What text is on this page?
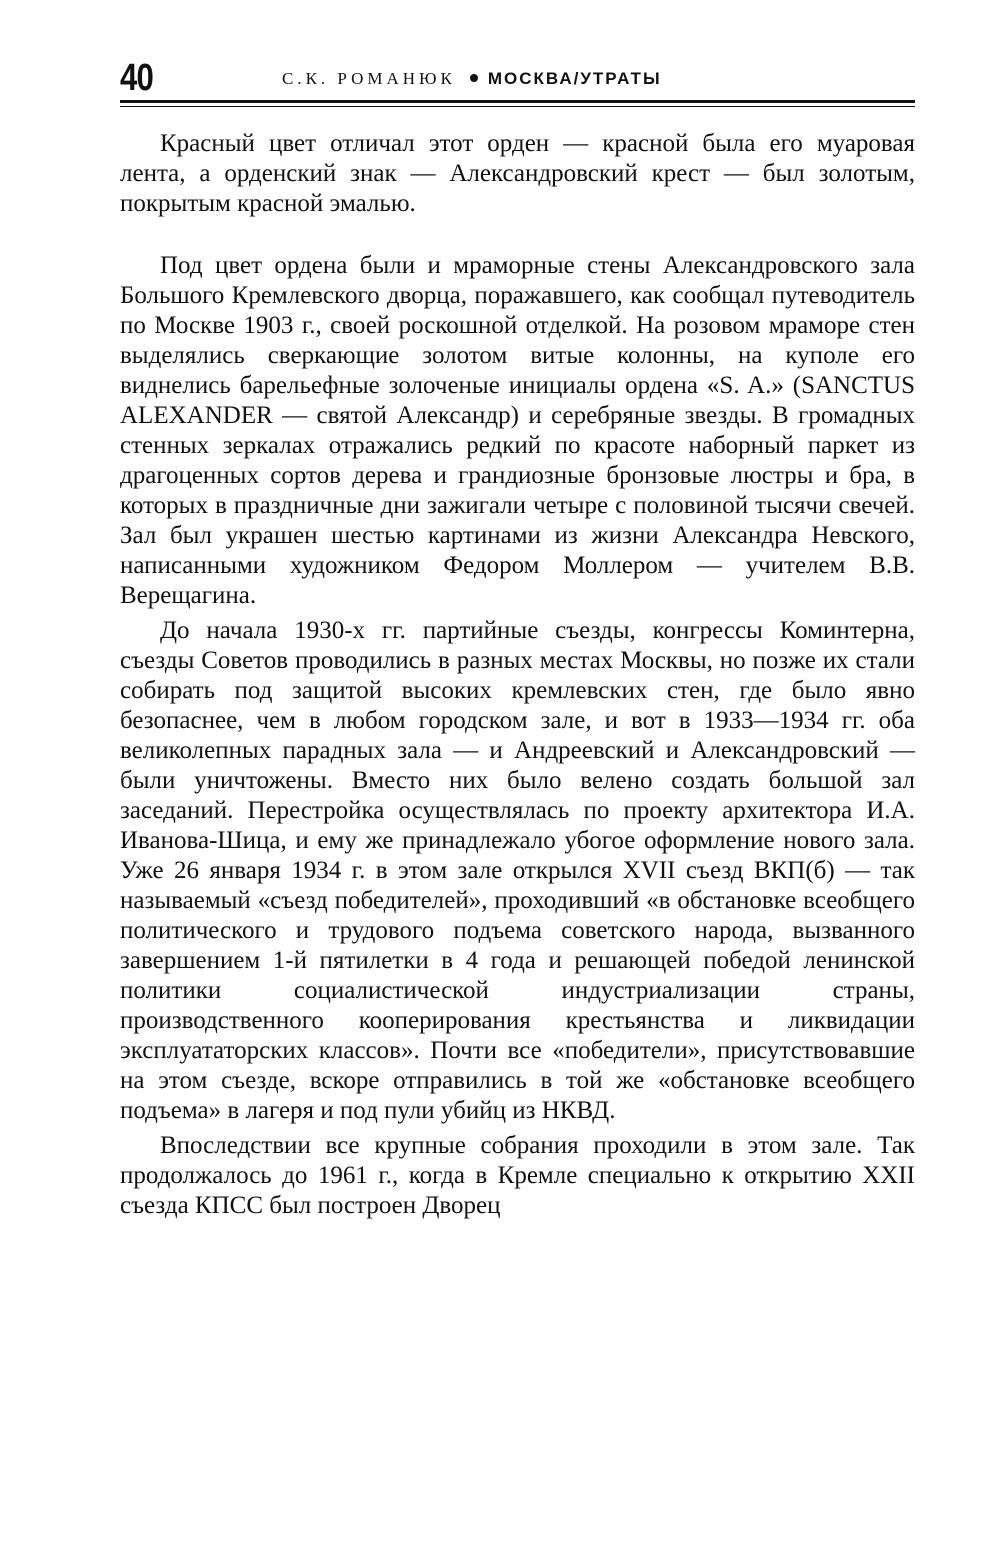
40	С.К. РОМАНЮК МОСКВА/УТРАТЫ

Красный цвет отличал этот орден — красной была его муаровая лента, а орденский знак — Александровский крест — был золотым, покрытым красной эмалью.

Под цвет ордена были и мраморные стены Александровского зала Большого Кремлевского дворца, поражавшего, как сообщал путеводитель по Москве 1903 г., своей роскошной отделкой. На розовом мраморе стен выделялись сверкающие золотом витые колонны, на куполе его виднелись барельефные золоченые инициалы ордена «S. A.» (SANCTUS ALEXANDER — святой Александр) и серебряные звезды. В громадных стенных зеркалах отражались редкий по красоте наборный паркет из драгоценных сортов дерева и грандиозные бронзовые люстры и бра, в которых в праздничные дни зажигали четыре с половиной тысячи свечей. Зал был украшен шестью картинами из жизни Александра Невского, написанными художником Федором Моллером — учителем В.В. Верещагина.

До начала 1930-х гг. партийные съезды, конгрессы Коминтерна, съезды Советов проводились в разных местах Москвы, но позже их стали собирать под защитой высоких кремлевских стен, где было явно безопаснее, чем в любом городском зале, и вот в 1933—1934 гг. оба великолепных парадных зала — и Андреевский и Александровский — были уничтожены. Вместо них было велено создать большой зал заседаний. Перестройка осуществлялась по проекту архитектора И.А. Иванова-Шица, и ему же принадлежало убогое оформление нового зала. Уже 26 января 1934 г. в этом зале открылся XVII съезд ВКП(б) — так называемый «съезд победителей», проходивший «в обстановке всеобщего политического и трудового подъема советского народа, вызванного завершением 1-й пятилетки в 4 года и решающей победой ленинской политики социалистической индустриализации страны, производственного кооперирования крестьянства и ликвидации эксплуататорских классов». Почти все «победители», присутствовавшие на этом съезде, вскоре отправились в той же «обстановке всеобщего подъема» в лагеря и под пули убийц из НКВД.

Впоследствии все крупные собрания проходили в этом зале. Так продолжалось до 1961 г., когда в Кремле специально к открытию XXII съезда КПСС был построен Дворец
